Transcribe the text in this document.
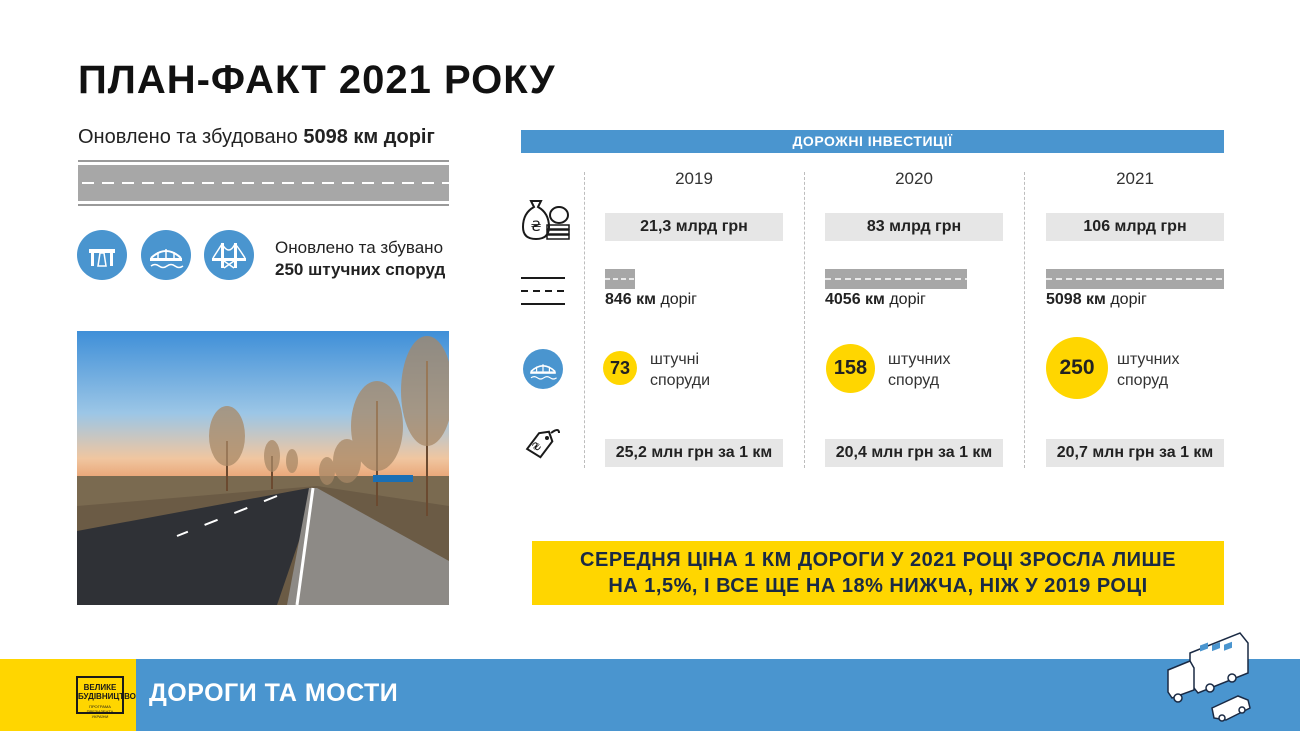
ПЛАН-ФАКТ 2021 РОКУ
Оновлено та збудовано 5098 км доріг
Оновлено та збувано
250 штучних споруд
ДОРОЖНІ ІНВЕСТИЦІЇ
₴
₴
2019
21,3 млрд грн
846 км доріг
73	штучні
споруди
25,2 млн грн за 1 км
2020
83 млрд грн
4056 км доріг
158	штучних
споруд
20,4 млн грн за 1 км
2021
106 млрд грн
5098 км доріг
250	штучних
споруд
20,7 млн грн за 1 км
СЕРЕДНЯ ЦІНА 1 КМ ДОРОГИ У 2021 РОЦІ ЗРОСЛА ЛИШЕ
НА 1,5%, І ВСЕ ЩЕ НА 18% НИЖЧА, НІЖ У 2019 РОЦІ
ВЕЛИКЕ
БУДІВНИЦТВО
ПРОГРАМА ПРЕЗИДЕНТА УКРАЇНИ
ДОРОГИ ТА МОСТИ
